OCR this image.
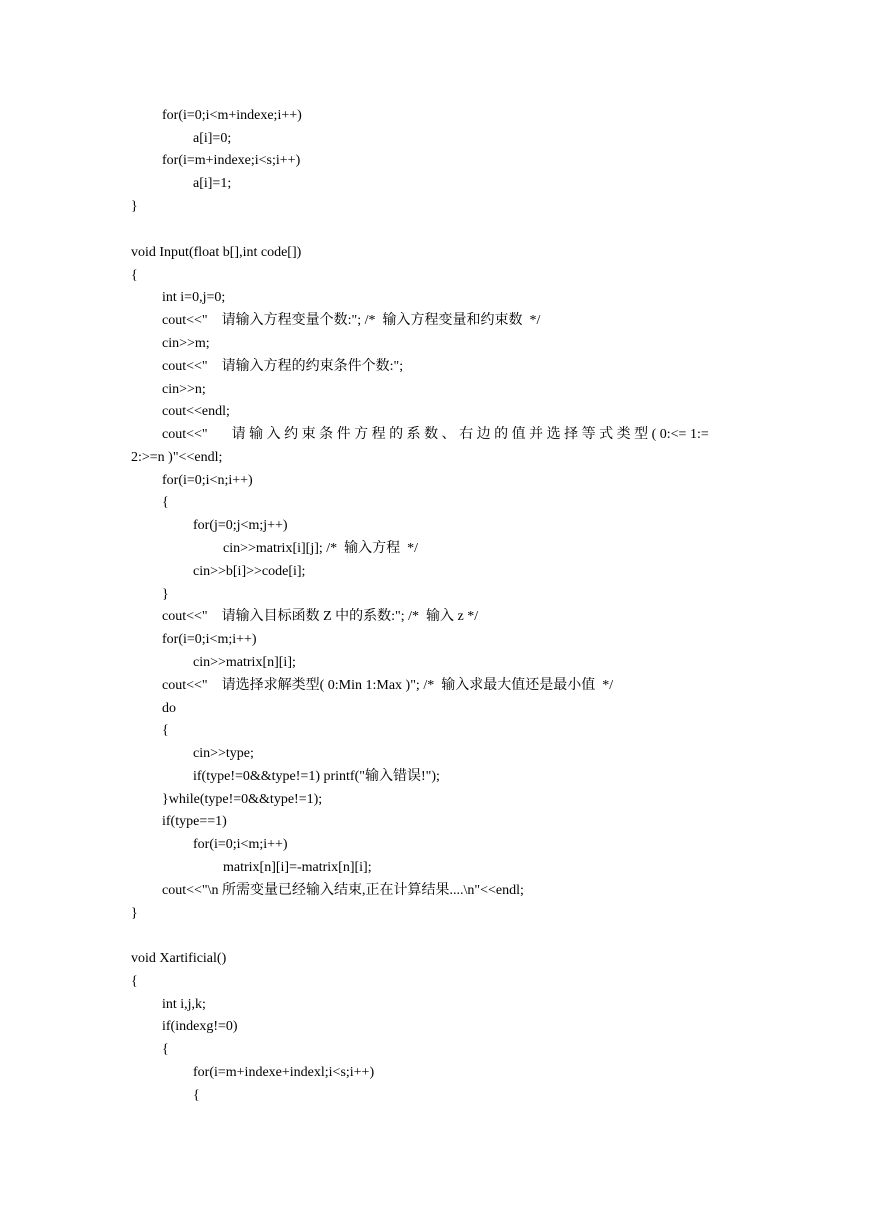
for(i=0;i<m+indexe;i++)
a[i]=0;
for(i=m+indexe;i<s;i++)
a[i]=1;
}
void Input(float b[],int code[])
{
int i=0,j=0;
cout<<"    请输入方程变量个数:"; /*  输入方程变量和约束数  */
cin>>m;
cout<<"    请输入方程的约束条件个数:";
cin>>n;
cout<<endl;
cout<<" 请 输 入 约 束 条 件 方 程 的 系 数 、 右 边 的 值 并 选 择 等 式 类 型 ( 0:<= 1:=
2:>=n )"<<endl;
for(i=0;i<n;i++)
{
for(j=0;j<m;j++)
cin>>matrix[i][j]; /*  输入方程  */
cin>>b[i]>>code[i];
}
cout<<"    请输入目标函数 Z 中的系数:"; /*  输入 z */
for(i=0;i<m;i++)
cin>>matrix[n][i];
cout<<"    请选择求解类型( 0:Min 1:Max )"; /*  输入求最大值还是最小值  */
do
{
cin>>type;
if(type!=0&&type!=1) printf("输入错误!");
}while(type!=0&&type!=1);
if(type==1)
for(i=0;i<m;i++)
matrix[n][i]=-matrix[n][i];
cout<<"\n 所需变量已经输入结束,正在计算结果....\n"<<endl;
}
void Xartificial()
{
int i,j,k;
if(indexg!=0)
{
for(i=m+indexe+indexl;i<s;i++)
{
